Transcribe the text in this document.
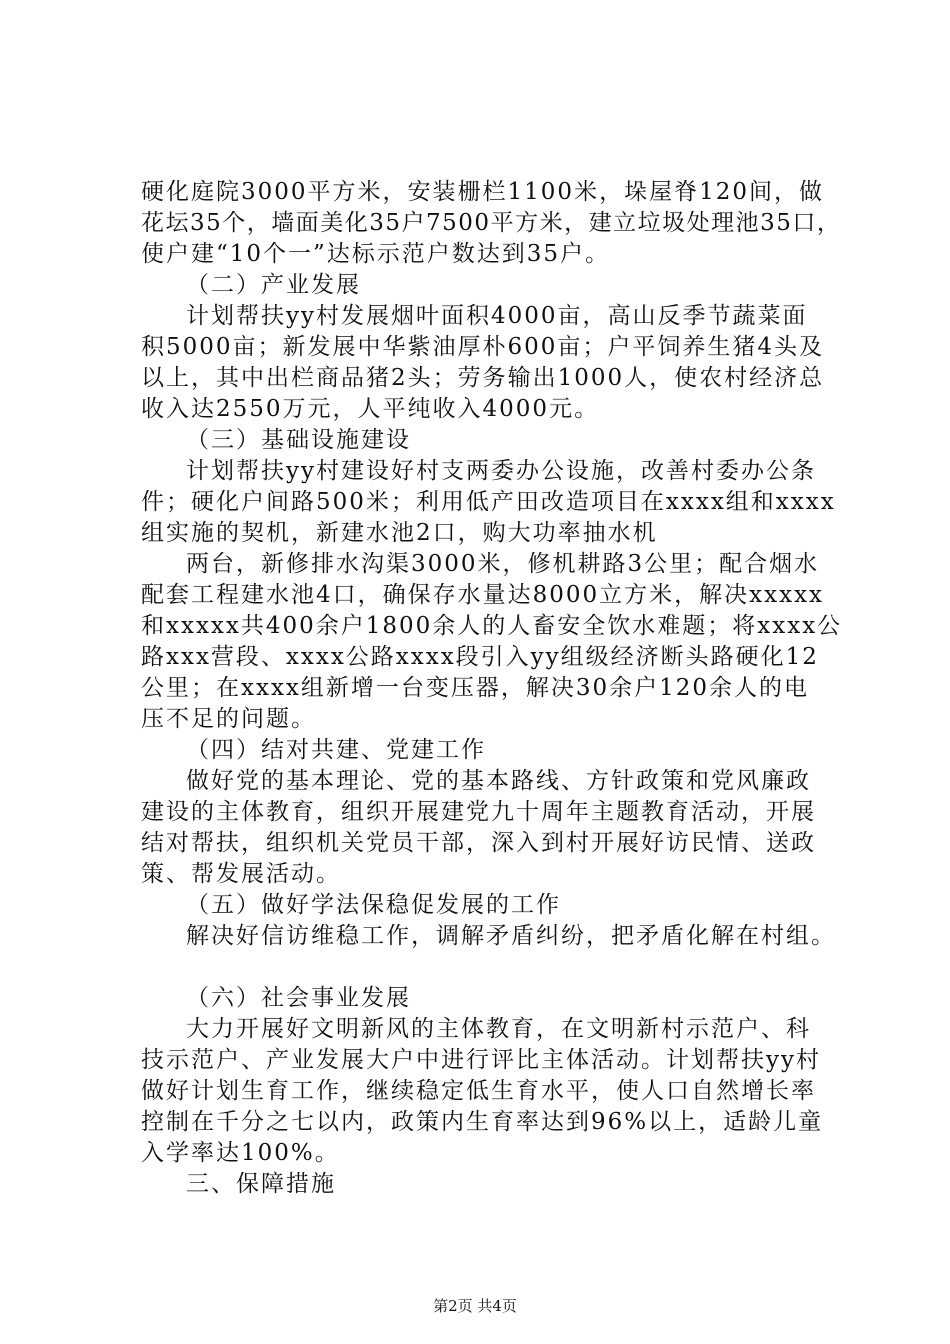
硬化庭院3000平方米，安装栅栏1100米，垛屋脊120间，做
花坛35个，墙面美化35户7500平方米，建立垃圾处理池35口，
使户建“10个一”达标示范户数达到35户。
（二）产业发展
计划帮扶yy村发展烟叶面积4000亩，高山反季节蔬菜面
积5000亩；新发展中华紫油厚朴600亩；户平饲养生猪4头及
以上，其中出栏商品猪2头；劳务输出1000人，使农村经济总
收入达2550万元，人平纯收入4000元。
（三）基础设施建设
计划帮扶yy村建设好村支两委办公设施，改善村委办公条
件；硬化户间路500米；利用低产田改造项目在xxxx组和xxxx
组实施的契机，新建水池2口，购大功率抽水机
两台，新修排水沟渠3000米，修机耕路3公里；配合烟水
配套工程建水池4口，确保存水量达8000立方米，解决xxxxx
和xxxxx共400余户1800余人的人畜安全饮水难题；将xxxx公
路xxx营段、xxxx公路xxxx段引入yy组级经济断头路硬化12
公里；在xxxx组新增一台变压器，解决30余户120余人的电
压不足的问题。
（四）结对共建、党建工作
做好党的基本理论、党的基本路线、方针政策和党风廉政
建设的主体教育，组织开展建党九十周年主题教育活动，开展
结对帮扶，组织机关党员干部，深入到村开展好访民情、送政
策、帮发展活动。
（五）做好学法保稳促发展的工作
解决好信访维稳工作，调解矛盾纠纷，把矛盾化解在村组。
（六）社会事业发展
大力开展好文明新风的主体教育，在文明新村示范户、科
技示范户、产业发展大户中进行评比主体活动。计划帮扶yy村
做好计划生育工作，继续稳定低生育水平，使人口自然增长率
控制在千分之七以内，政策内生育率达到96%以上，适龄儿童
入学率达100%。
三、保障措施
第2页 共4页
